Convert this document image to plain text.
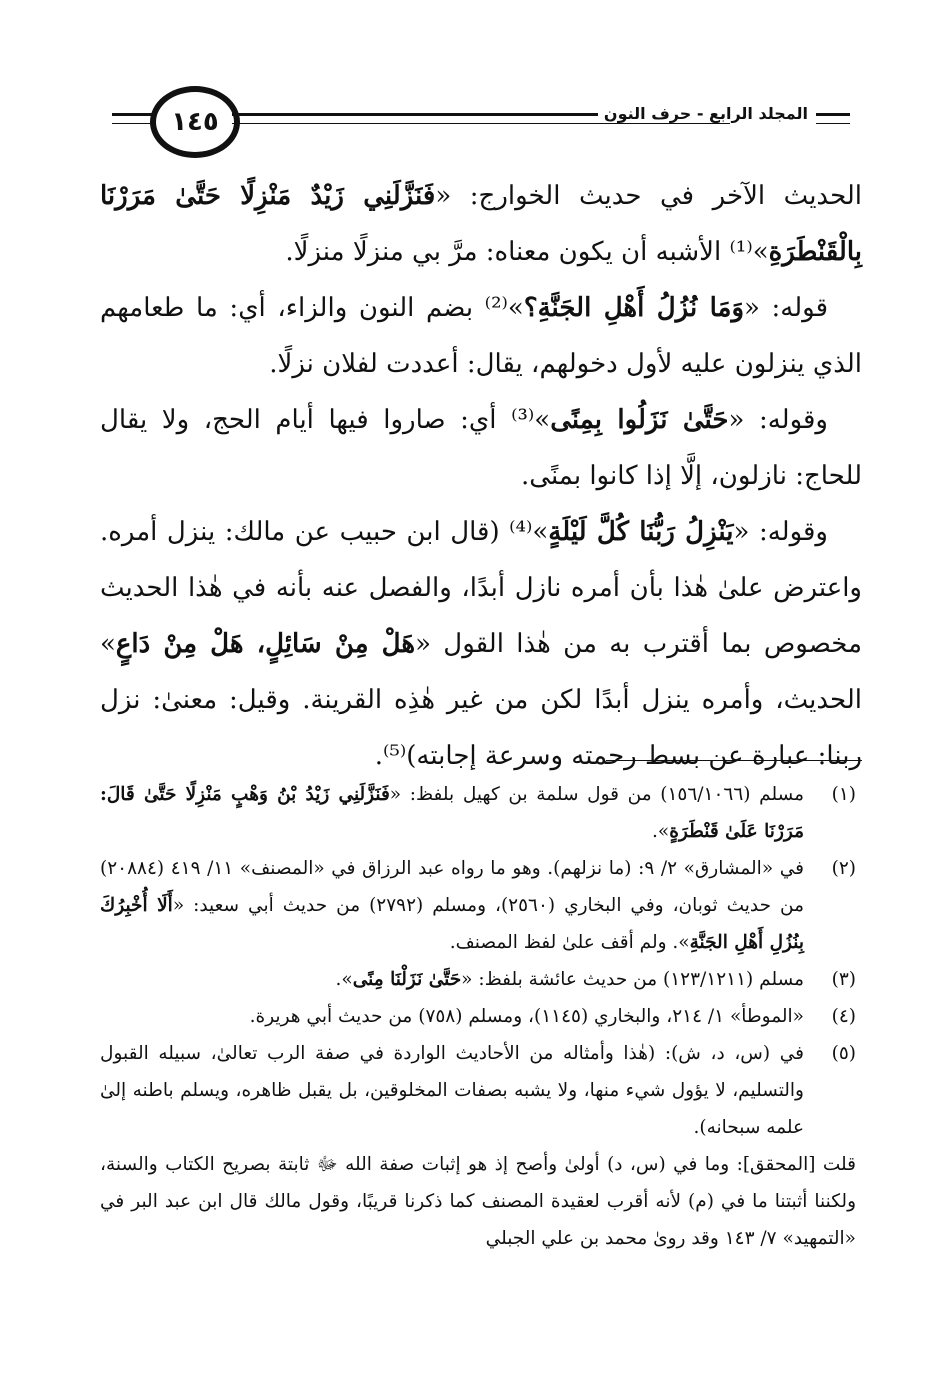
١٤٥	المجلد الرابع - حرف النون

الحديث الآخر في حديث الخوارج: «فَنَزَّلَنِي زَيْدٌ مَنْزِلًا حَتَّىٰ مَرَرْنَا بِالْقَنْطَرَةِ»⁽¹⁾ الأشبه أن يكون معناه: مرَّ بي منزلًا منزلًا.

قوله: «وَمَا نُزُلُ أَهْلِ الجَنَّةِ؟»⁽²⁾ بضم النون والزاء، أي: ما طعامهم الذي ينزلون عليه لأول دخولهم، يقال: أعددت لفلان نزلًا.

وقوله: «حَتَّىٰ نَزَلُوا بِمِنًى»⁽³⁾ أي: صاروا فيها أيام الحج، ولا يقال للحاج: نازلون، إلَّا إذا كانوا بمنًى.

وقوله: «يَنْزِلُ رَبُّنَا كُلَّ لَيْلَةٍ»⁽⁴⁾ (قال ابن حبيب عن مالك: ينزل أمره. واعترض علىٰ هٰذا بأن أمره نازل أبدًا، والفصل عنه بأنه في هٰذا الحديث مخصوص بما أقترب به من هٰذا القول «هَلْ مِنْ سَائِلٍ، هَلْ مِنْ دَاعٍ» الحديث، وأمره ينزل أبدًا لكن من غير هٰذِه القرينة. وقيل: معنىٰ: نزل ربنا: عبارة عن بسط رحمته وسرعة إجابته)⁽⁵⁾.

(١)
مسلم (١٥٦/١٠٦٦) من قول سلمة بن كهيل بلفظ: «فَنَزَّلَنِي زَيْدُ بْنُ وَهْبٍ مَنْزِلًا حَتَّىٰ قَالَ: مَرَرْنَا عَلَىٰ قَنْطَرَةٍ».
(٢)
في «المشارق» ٢/ ٩: (ما نزلهم). وهو ما رواه عبد الرزاق في «المصنف» ١١/ ٤١٩ (٢٠٨٨٤) من حديث ثوبان، وفي البخاري (٢٥٦٠)، ومسلم (٢٧٩٢) من حديث أبي سعيد: «أَلَا أُخْبِرُكَ بِنُزُلِ أَهْلِ الجَنَّةِ». ولم أقف علىٰ لفظ المصنف.
(٣)
مسلم (١٢٣/١٢١١) من حديث عائشة بلفظ: «حَتَّىٰ نَزَلْنَا مِنًى».
(٤)
«الموطأ» ١/ ٢١٤، والبخاري (١١٤٥)، ومسلم (٧٥٨) من حديث أبي هريرة.
(٥)
في (س، د، ش): (هٰذا وأمثاله من الأحاديث الواردة في صفة الرب تعالىٰ، سبيله القبول والتسليم، لا يؤول شيء منها، ولا يشبه بصفات المخلوقين، بل يقبل ظاهره، ويسلم باطنه إلىٰ علمه سبحانه).

قلت [المحقق]: وما في (س، د) أولىٰ وأصح إذ هو إثبات صفة الله ﷻ ثابتة بصريح الكتاب والسنة، ولكننا أثبتنا ما في (م) لأنه أقرب لعقيدة المصنف كما ذكرنا قريبًا، وقول مالك قال ابن عبد البر في «التمهيد» ٧/ ١٤٣ وقد روىٰ محمد بن علي الجبلي
